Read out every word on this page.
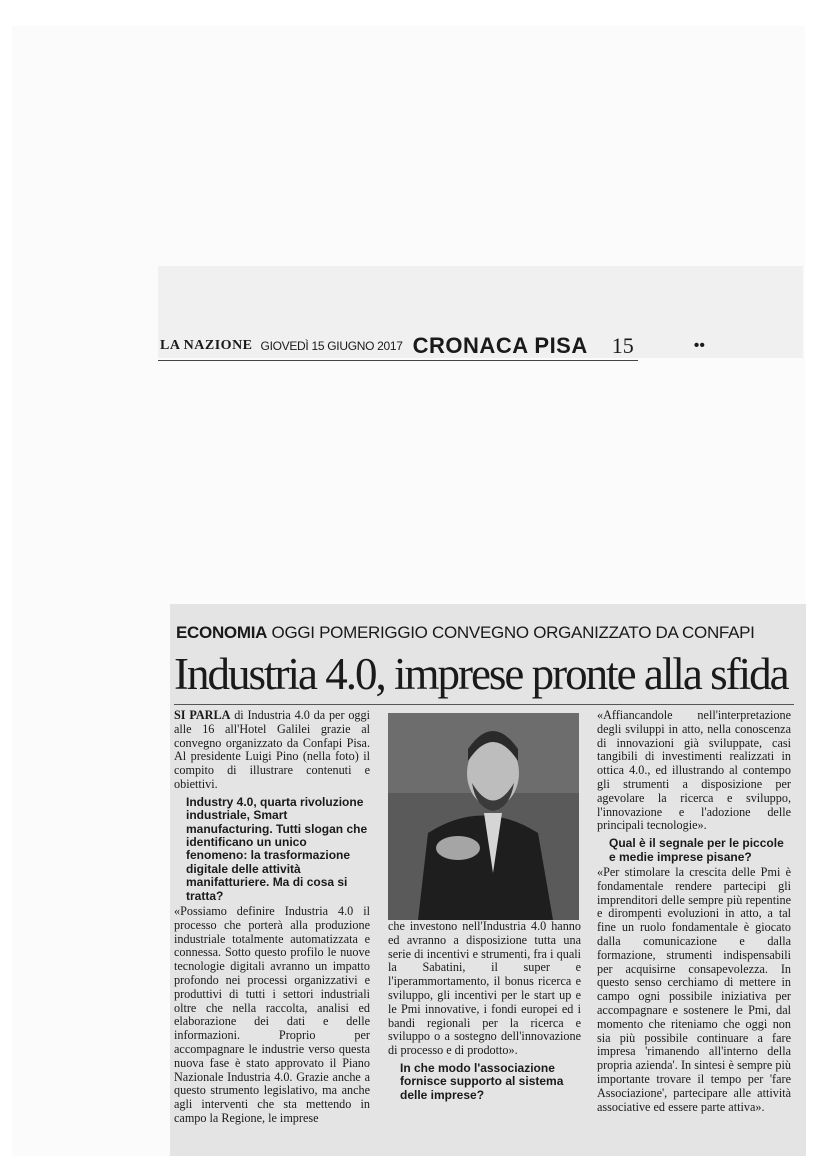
LA NAZIONE GIOVEDÌ 15 GIUGNO 2017 CRONACA PISA 15	••
ECONOMIA OGGI POMERIGGIO CONVEGNO ORGANIZZATO DA CONFAPI
Industria 4.0, imprese pronte alla sfida

SI PARLA di Industria 4.0 da per oggi alle 16 all'Hotel Galilei grazie al convegno organizzato da Confapi Pisa. Al presidente Luigi Pino (nella foto) il compito di illustrare contenuti e obiettivi.

Industry 4.0, quarta rivoluzione industriale, Smart manufacturing. Tutti slogan che identificano un unico fenomeno: la trasformazione digitale delle attività manifatturiere. Ma di cosa si tratta?

«Possiamo definire Industria 4.0 il processo che porterà alla produzione industriale totalmente automatizzata e connessa. Sotto questo profilo le nuove tecnologie digitali avranno un impatto profondo nei processi organizzativi e produttivi di tutti i settori industriali oltre che nella raccolta, analisi ed elaborazione dei dati e delle informazioni. Proprio per accompagnare le industrie verso questa nuova fase è stato approvato il Piano Nazionale Industria 4.0. Grazie anche a questo strumento legislativo, ma anche agli interventi che sta mettendo in campo la Regione, le imprese

che investono nell'Industria 4.0 hanno ed avranno a disposizione tutta una serie di incentivi e strumenti, fra i quali la Sabatini, il super e l'iperammortamento, il bonus ricerca e sviluppo, gli incentivi per le start up e le Pmi innovative, i fondi europei ed i bandi regionali per la ricerca e sviluppo o a sostegno dell'innovazione di processo e di prodotto».

In che modo l'associazione fornisce supporto al sistema delle imprese?

«Affiancandole nell'interpretazione degli sviluppi in atto, nella conoscenza di innovazioni già sviluppate, casi tangibili di investimenti realizzati in ottica 4.0., ed illustrando al contempo gli strumenti a disposizione per agevolare la ricerca e sviluppo, l'innovazione e l'adozione delle principali tecnologie».

Qual è il segnale per le piccole e medie imprese pisane?

«Per stimolare la crescita delle Pmi è fondamentale rendere partecipi gli imprenditori delle sempre più repentine e dirompenti evoluzioni in atto, a tal fine un ruolo fondamentale è giocato dalla comunicazione e dalla formazione, strumenti indispensabili per acquisirne consapevolezza. In questo senso cerchiamo di mettere in campo ogni possibile iniziativa per accompagnare e sostenere le Pmi, dal momento che riteniamo che oggi non sia più possibile continuare a fare impresa 'rimanendo all'interno della propria azienda'. In sintesi è sempre più importante trovare il tempo per 'fare Associazione', partecipare alle attività associative ed essere parte attiva».
